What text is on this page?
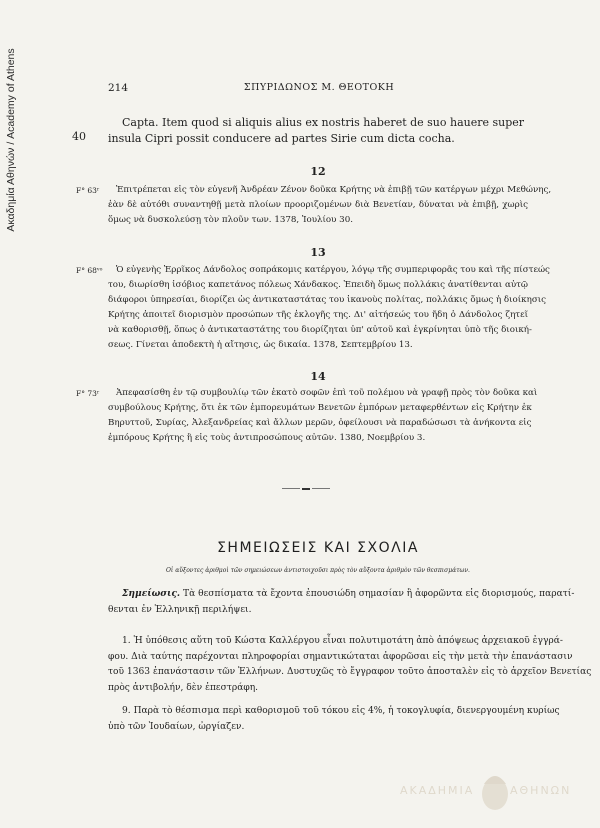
Ακαδημία Αθηνών / Academy of Athens	214	ΣΠΥΡΙΔΩΝΟΣ Μ. ΘΕΟΤΟΚΗ
Capta. Item quod si aliquis alius ex nostris haberet de suo hauere super
insula Cipri possit conducere ad partes Sirie cum dicta cocha.
40
12
F° 63ʳ	Ἐπιτρέπεται εἰς τὸν εὐγενῆ Ἀνδρέαν Ζένον δοῦκα Κρήτης νὰ ἐπιβῇ τῶν κατέργων μέχρι Μεθώνης,
ἐὰν δὲ αὐτόθι συναντηθῇ μετὰ πλοίων προοριζομένων διὰ Βενετίαν, δύναται νὰ ἐπιβῇ, χωρὶς
ὅμως νὰ δυσκολεύσῃ τὸν πλοῦν των. 1378, Ἰουλίου 30.
13
F° 68ᵛᵒ	Ὁ εὐγενὴς Ἐρρῖκος Δάνδολος σοπράκομις κατέργου, λόγῳ τῆς συμπεριφορᾶς του καὶ τῆς πίστεώς
του, διωρίσθη ἰσόβιος καπετάνος πόλεως Χάνδακος. Ἐπειδὴ ὅμως πολλάκις ἀνατίθενται αὐτῷ
διάφοροι ὑπηρεσίαι, διορίζει ὡς ἀντικαταστάτας του ἱκανοὺς πολίτας, πολλάκις ὅμως ἡ διοίκησις
Κρήτης ἀποιτεῖ διορισμὸν προσώπων τῆς ἐκλογῆς της. Δι' αἰτήσεώς του ἤδη ὁ Δάνδολος ζητεῖ
νὰ καθορισθῇ, ὅπως ὁ ἀντικαταστάτης του διορίζηται ὑπ' αὐτοῦ καὶ ἐγκρίνηται ὑπὸ τῆς διοική-
σεως. Γίνεται ἀποδεκτὴ ἡ αἴτησις, ὡς δικαία. 1378, Σεπτεμβρίου 13.
14
F° 73ʳ	Ἀπεφασίσθη ἐν τῷ συμβουλίῳ τῶν ἑκατὸ σοφῶν ἐπὶ τοῦ πολέμου νὰ γραφῇ πρὸς τὸν δοῦκα καὶ
συμβούλους Κρήτης, ὅτι ἐκ τῶν ἐμπορευμάτων Βενετῶν ἐμπόρων μεταφερθέντων εἰς Κρήτην ἐκ
Βηρυττοῦ, Συρίας, Ἀλεξανδρείας καὶ ἄλλων μερῶν, ὀφείλουσι νὰ παραδώσωσι τὰ ἀνήκοντα εἰς
ἐμπόρους Κρήτης ἢ εἰς τοὺς ἀντιπροσώπους αὐτῶν. 1380, Νοεμβρίου 3.
ΣΗΜΕΙΩΣΕΙΣ ΚΑΙ ΣΧΟΛΙΑ
Οἱ αὔξοντες ἀριθμοὶ τῶν σημειώσεων ἀντιστοιχοῦσι πρὸς τὸν αὔξοντα ἀριθμὸν τῶν θεσπισμάτων.
Σημείωσις. Τὰ θεσπίσματα τὰ ἔχοντα ἐπουσιώδη σημασίαν ἢ ἀφορῶντα εἰς διορισμούς, παρατί-
θενται ἐν Ἑλληνικῇ περιλήψει.
1. Ἡ ὑπόθεσις αὕτη τοῦ Κώστα Καλλέργου εἶναι πολυτιμοτάτη ἀπὸ ἀπόψεως ἀρχειακοῦ ἐγγρά-
φου. Διὰ ταύτης παρέχονται πληροφορίαι σημαντικώταται ἀφορῶσαι εἰς τὴν μετὰ τὴν ἐπανάστασιν
τοῦ 1363 ἐπανάστασιν τῶν Ἑλλήνων. Δυστυχῶς τὸ ἔγγραφον τοῦτο ἀποσταλὲν εἰς τὸ ἀρχεῖον Βενετίας
πρὸς ἀντιβολήν, δὲν ἐπεστράφη.
9. Παρὰ τὸ θέσπισμα περὶ καθορισμοῦ τοῦ τόκου εἰς 4%, ἡ τοκογλυφία, διενεργουμένη κυρίως
ὑπὸ τῶν Ἰουδαίων, ὠργίαζεν.
ΑΚΑΔΗΜΙΑ	ΑΘΗΝΩΝ
